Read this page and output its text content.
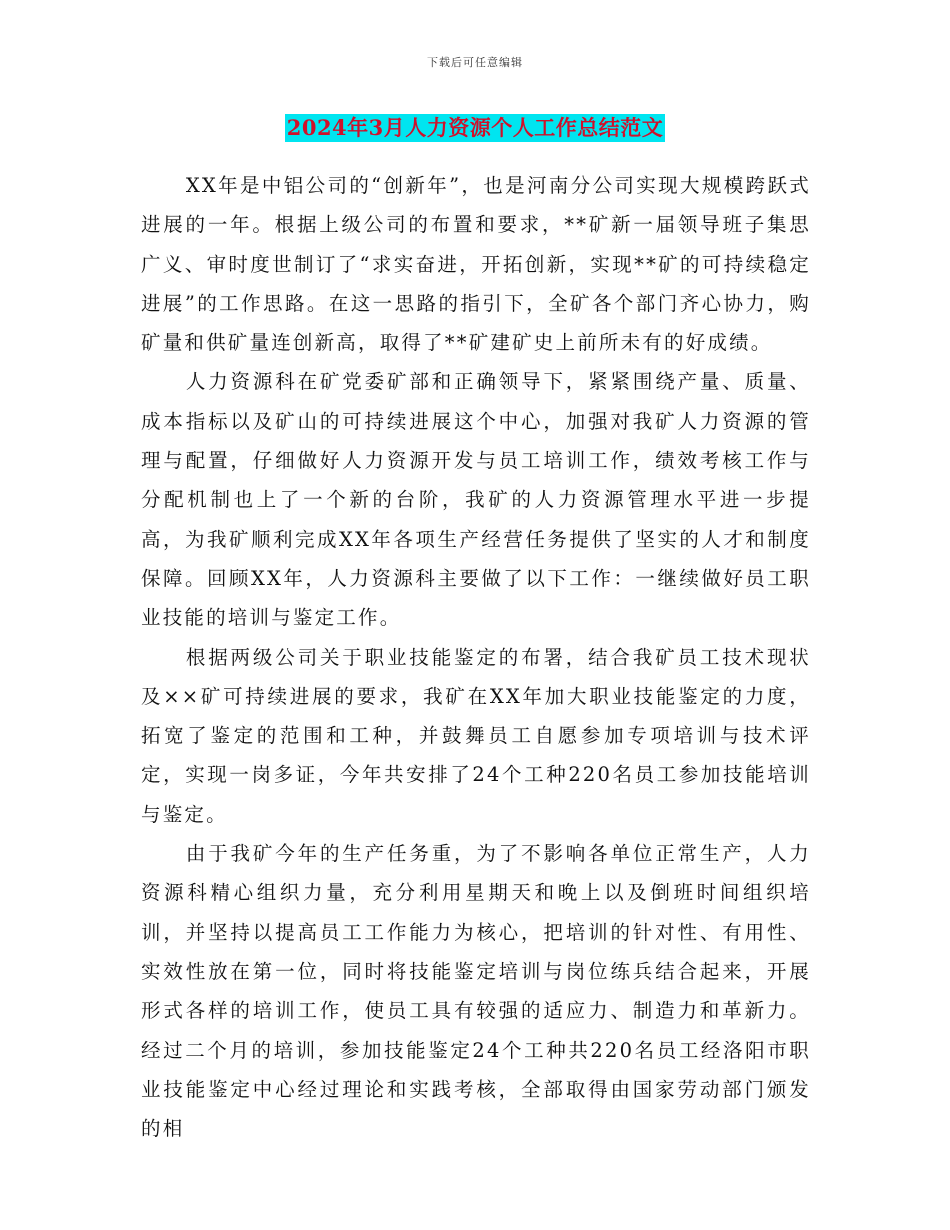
下载后可任意编辑
2024年3月人力资源个人工作总结范文

XX年是中铝公司的“创新年”，也是河南分公司实现大规模跨跃式进展的一年。根据上级公司的布置和要求，**矿新一届领导班子集思广义、审时度世制订了“求实奋进，开拓创新，实现**矿的可持续稳定进展”的工作思路。在这一思路的指引下，全矿各个部门齐心协力，购矿量和供矿量连创新高，取得了**矿建矿史上前所未有的好成绩。

人力资源科在矿党委矿部和正确领导下，紧紧围绕产量、质量、成本指标以及矿山的可持续进展这个中心，加强对我矿人力资源的管理与配置，仔细做好人力资源开发与员工培训工作，绩效考核工作与分配机制也上了一个新的台阶，我矿的人力资源管理水平进一步提高，为我矿顺利完成XX年各项生产经营任务提供了坚实的人才和制度保障。回顾XX年，人力资源科主要做了以下工作：一继续做好员工职业技能的培训与鉴定工作。

根据两级公司关于职业技能鉴定的布署，结合我矿员工技术现状及××矿可持续进展的要求，我矿在XX年加大职业技能鉴定的力度，拓宽了鉴定的范围和工种，并鼓舞员工自愿参加专项培训与技术评定，实现一岗多证，今年共安排了24个工种220名员工参加技能培训与鉴定。

由于我矿今年的生产任务重，为了不影响各单位正常生产，人力资源科精心组织力量，充分利用星期天和晚上以及倒班时间组织培训，并坚持以提高员工工作能力为核心，把培训的针对性、有用性、实效性放在第一位，同时将技能鉴定培训与岗位练兵结合起来，开展形式各样的培训工作，使员工具有较强的适应力、制造力和革新力。经过二个月的培训，参加技能鉴定24个工种共220名员工经洛阳市职业技能鉴定中心经过理论和实践考核，全部取得由国家劳动部门颁发的相
